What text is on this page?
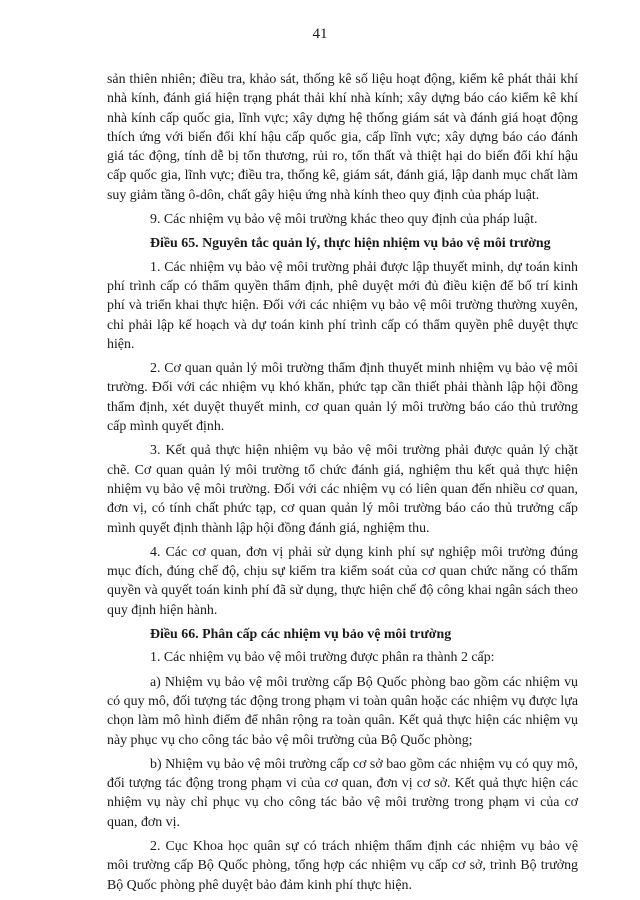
41

sản thiên nhiên; điều tra, khảo sát, thống kê số liệu hoạt động, kiểm kê phát thải khí nhà kính, đánh giá hiện trạng phát thải khí nhà kính; xây dựng báo cáo kiểm kê khí nhà kính cấp quốc gia, lĩnh vực; xây dựng hệ thống giám sát và đánh giá hoạt động thích ứng với biến đổi khí hậu cấp quốc gia, cấp lĩnh vực; xây dựng báo cáo đánh giá tác động, tính dễ bị tổn thương, rủi ro, tổn thất và thiệt hại do biến đổi khí hậu cấp quốc gia, lĩnh vực; điều tra, thống kê, giám sát, đánh giá, lập danh mục chất làm suy giảm tầng ô-dôn, chất gây hiệu ứng nhà kính theo quy định của pháp luật.

9. Các nhiệm vụ bảo vệ môi trường khác theo quy định của pháp luật.

Điều 65. Nguyên tắc quản lý, thực hiện nhiệm vụ bảo vệ môi trường

1. Các nhiệm vụ bảo vệ môi trường phải được lập thuyết minh, dự toán kinh phí trình cấp có thẩm quyền thẩm định, phê duyệt mới đủ điều kiện để bố trí kinh phí và triển khai thực hiện. Đối với các nhiệm vụ bảo vệ môi trường thường xuyên, chỉ phải lập kế hoạch và dự toán kinh phí trình cấp có thẩm quyền phê duyệt thực hiện.

2. Cơ quan quản lý môi trường thẩm định thuyết minh nhiệm vụ bảo vệ môi trường. Đối với các nhiệm vụ khó khăn, phức tạp cần thiết phải thành lập hội đồng thẩm định, xét duyệt thuyết minh, cơ quan quản lý môi trường báo cáo thủ trưởng cấp mình quyết định.

3. Kết quả thực hiện nhiệm vụ bảo vệ môi trường phải được quản lý chặt chẽ. Cơ quan quản lý môi trường tổ chức đánh giá, nghiệm thu kết quả thực hiện nhiệm vụ bảo vệ môi trường. Đối với các nhiệm vụ có liên quan đến nhiều cơ quan, đơn vị, có tính chất phức tạp, cơ quan quản lý môi trường báo cáo thủ trưởng cấp mình quyết định thành lập hội đồng đánh giá, nghiệm thu.

4. Các cơ quan, đơn vị phải sử dụng kinh phí sự nghiệp môi trường đúng mục đích, đúng chế độ, chịu sự kiểm tra kiểm soát của cơ quan chức năng có thẩm quyền và quyết toán kinh phí đã sử dụng, thực hiện chế độ công khai ngân sách theo quy định hiện hành.

Điều 66. Phân cấp các nhiệm vụ bảo vệ môi trường

1. Các nhiệm vụ bảo vệ môi trường được phân ra thành 2 cấp:

a) Nhiệm vụ bảo vệ môi trường cấp Bộ Quốc phòng bao gồm các nhiệm vụ có quy mô, đối tượng tác động trong phạm vi toàn quân hoặc các nhiệm vụ được lựa chọn làm mô hình điểm để nhân rộng ra toàn quân. Kết quả thực hiện các nhiệm vụ này phục vụ cho công tác bảo vệ môi trường của Bộ Quốc phòng;

b) Nhiệm vụ bảo vệ môi trường cấp cơ sở bao gồm các nhiệm vụ có quy mô, đối tượng tác động trong phạm vi của cơ quan, đơn vị cơ sở. Kết quả thực hiện các nhiệm vụ này chỉ phục vụ cho công tác bảo vệ môi trường trong phạm vi của cơ quan, đơn vị.

2. Cục Khoa học quân sự có trách nhiệm thẩm định các nhiệm vụ bảo vệ môi trường cấp Bộ Quốc phòng, tổng hợp các nhiệm vụ cấp cơ sở, trình Bộ trưởng Bộ Quốc phòng phê duyệt bảo đảm kinh phí thực hiện.
